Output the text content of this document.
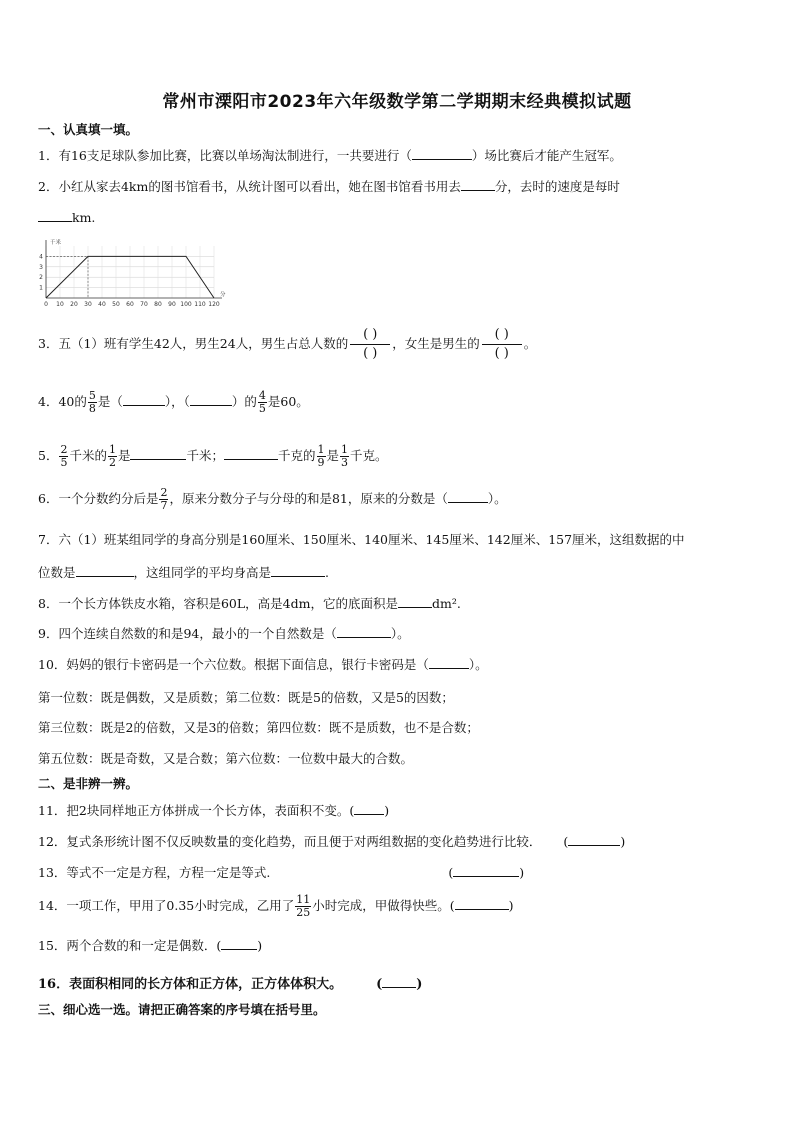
常州市溧阳市2023年六年级数学第二学期期末经典模拟试题
一、认真填一填。
1．有16支足球队参加比赛，比赛以单场淘汰制进行，一共要进行（	）场比赛后才能产生冠军。
2．小红从家去4km的图书馆看书，从统计图可以看出，她在图书馆看书用去	分，去时的速度是每时
km.
0 10 20 30 40 50 60 70 80 90 100 110 120
1
2
3
4
千米
分
3．五（1）班有学生42人，男生24人，男生占总人数的 $\frac{( )}{( )}$ ，女生是男生的 $\frac{( )}{( )}$ 。
4．40的 $\frac{5}{8}$ 是（	），（	）的 $\frac{4}{5}$ 是60。
5． $\frac{2}{5}$ 千米的 $\frac{1}{2}$ 是	千米；	千克的 $\frac{1}{9}$ 是 $\frac{1}{3}$ 千克。
6．一个分数约分后是 $\frac{2}{7}$ ，原来分数分子与分母的和是81，原来的分数是（	）。
7．六（1）班某组同学的身高分别是160厘米、150厘米、140厘米、145厘米、142厘米、157厘米，这组数据的中
位数是	，这组同学的平均身高是	.
8．一个长方体铁皮水箱，容积是60L，高是4dm，它的底面积是	dm².
9．四个连续自然数的和是94，最小的一个自然数是（	）。
10．妈妈的银行卡密码是一个六位数。根据下面信息，银行卡密码是（	）。
第一位数：既是偶数，又是质数；第二位数：既是5的倍数，又是5的因数；
第三位数：既是2的倍数，又是3的倍数；第四位数：既不是质数，也不是合数；
第五位数：既是奇数，又是合数；第六位数：一位数中最大的合数。
二、是非辨一辨。
11．把2块同样地正方体拼成一个长方体，表面积不变。( )
12．复式条形统计图不仅反映数量的变化趋势，而且便于对两组数据的变化趋势进行比较． (	)
13．等式不一定是方程，方程一定是等式.	(	)
14．一项工作，甲用了0.35小时完成，乙用了 $\frac{11}{25}$ 小时完成，甲做得快些。(	)
15．两个合数的和一定是偶数．(	)
16．表面积相同的长方体和正方体，正方体体积大。	(	)
三、细心选一选。请把正确答案的序号填在括号里。
